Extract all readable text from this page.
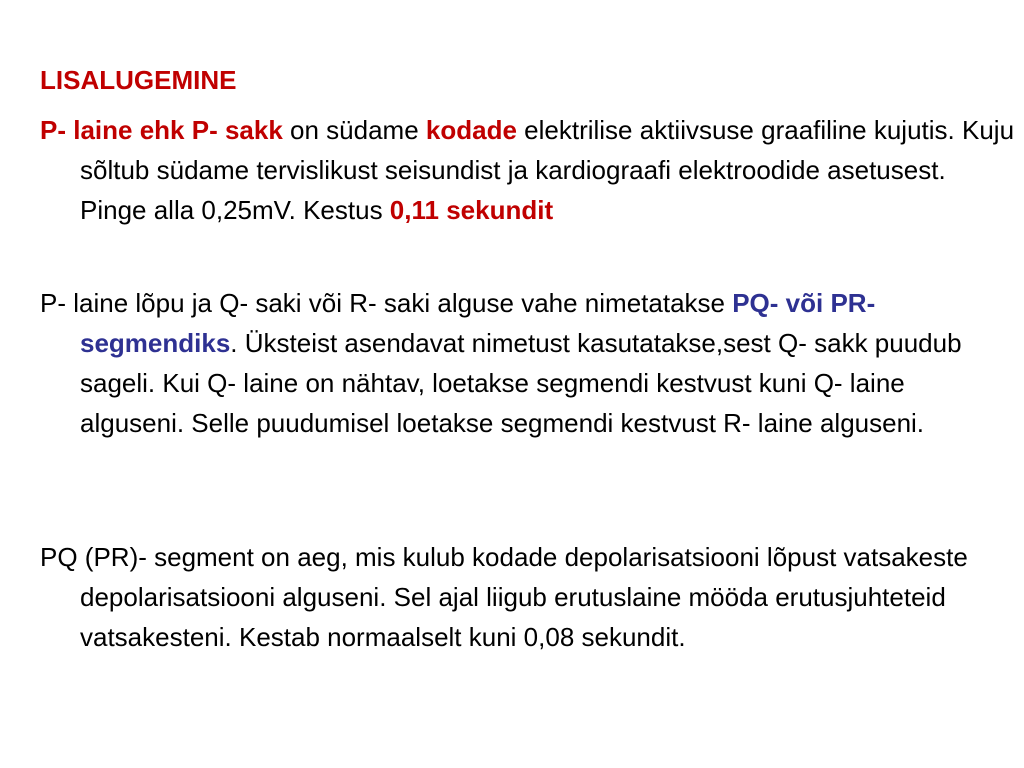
LISALUGEMINE

P- laine ehk P- sakk on südame kodade elektrilise aktiivsuse graafiline kujutis. Kuju sõltub südame tervislikust seisundist ja kardiograafi elektroodide asetusest. Pinge alla 0,25mV. Kestus 0,11 sekundit

P- laine lõpu ja Q- saki või R- saki alguse vahe nimetatakse PQ- või PR- segmendiks. Üksteist asendavat nimetust kasutatakse,sest Q- sakk puudub sageli. Kui Q- laine on nähtav, loetakse segmendi kestvust kuni Q- laine alguseni. Selle puudumisel loetakse segmendi kestvust R- laine alguseni.

PQ (PR)- segment on aeg, mis kulub kodade depolarisatsiooni lõpust vatsakeste depolarisatsiooni alguseni. Sel ajal liigub erutuslaine mööda erutusjuhteteid vatsakesteni. Kestab normaalselt kuni 0,08 sekundit.
